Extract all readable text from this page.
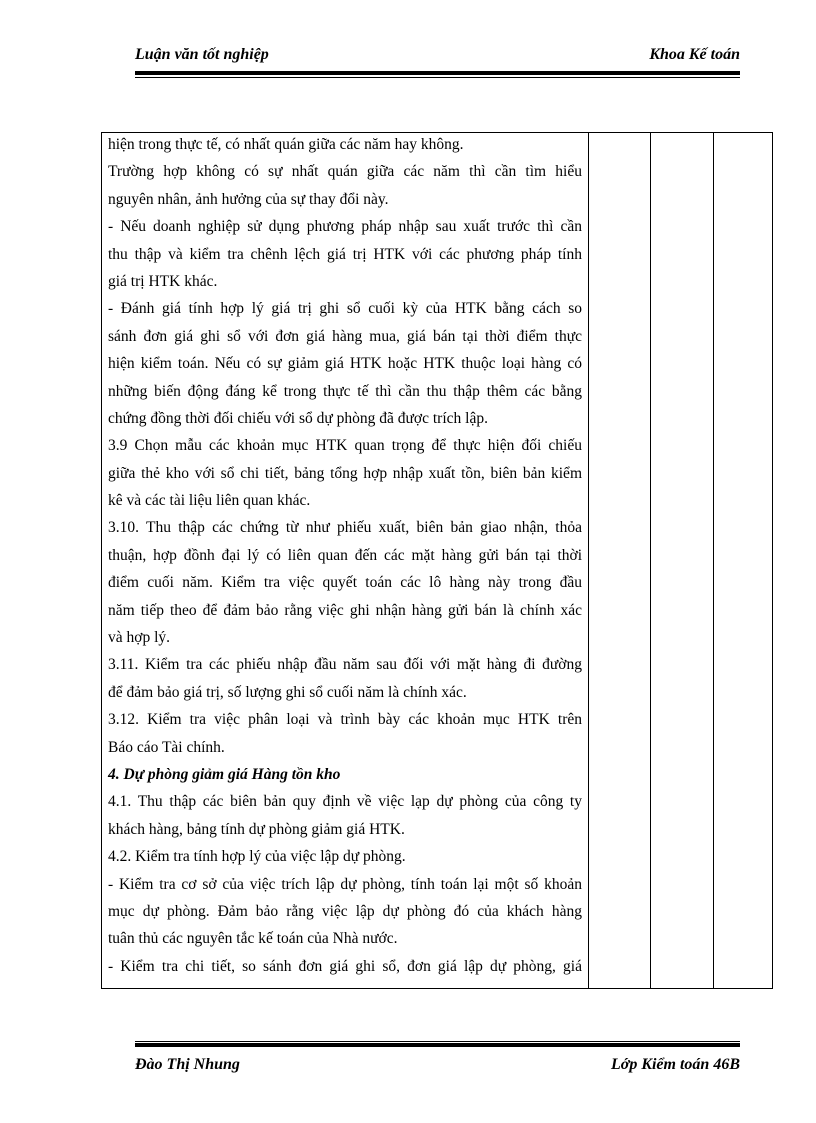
Luận văn tốt nghiệp	Khoa Kế toán
hiện trong thực tế, có nhất quán giữa các năm hay không.
Trường hợp không có sự nhất quán giữa các năm thì cần tìm hiểu
nguyên nhân, ảnh hưởng của sự thay đổi này.
- Nếu doanh nghiệp sử dụng phương pháp nhập sau xuất trước thì cần
thu thập và kiểm tra chênh lệch giá trị HTK với các phương pháp tính
giá trị HTK khác.
- Đánh giá tính hợp lý giá trị ghi sổ cuối kỳ của HTK bằng cách so
sánh đơn giá ghi sổ với đơn giá hàng mua, giá bán tại thời điểm thực
hiện kiểm toán. Nếu có sự giảm giá HTK hoặc HTK thuộc loại hàng có
những biến động đáng kể trong thực tế thì cần thu thập thêm các bằng
chứng đồng thời đối chiếu với sổ dự phòng đã được trích lập.
3.9 Chọn mẫu các khoản mục HTK quan trọng để thực hiện đối chiếu
giữa thẻ kho với sổ chi tiết, bảng tổng hợp nhập xuất tồn, biên bản kiểm
kê và các tài liệu liên quan khác.
3.10. Thu thập các chứng từ như phiếu xuất, biên bản giao nhận, thỏa
thuận, hợp đồnh đại lý có liên quan đến các mặt hàng gửi bán tại thời
điểm cuối năm. Kiểm tra việc quyết toán các lô hàng này trong đầu
năm tiếp theo để đảm bảo rằng việc ghi nhận hàng gửi bán là chính xác
và hợp lý.
3.11. Kiểm tra các phiếu nhập đầu năm sau đối với mặt hàng đi đường
để đảm bảo giá trị, số lượng ghi sổ cuối năm là chính xác.
3.12. Kiểm tra việc phân loại và trình bày các khoản mục HTK trên
Báo cáo Tài chính.
4. Dự phòng giảm giá Hàng tồn kho
4.1. Thu thập các biên bản quy định về việc lạp dự phòng của công ty
khách hàng, bảng tính dự phòng giảm giá HTK.
4.2. Kiểm tra tính hợp lý của việc lập dự phòng.
- Kiểm tra cơ sở của việc trích lập dự phòng, tính toán lại một số khoản
mục dự phòng. Đảm bảo rằng việc lập dự phòng đó của khách hàng
tuân thủ các nguyên tắc kế toán của Nhà nước.
- Kiểm tra chi tiết, so sánh đơn giá ghi sổ, đơn giá lập dự phòng, giá
Đào Thị Nhung	Lớp Kiểm toán 46B
